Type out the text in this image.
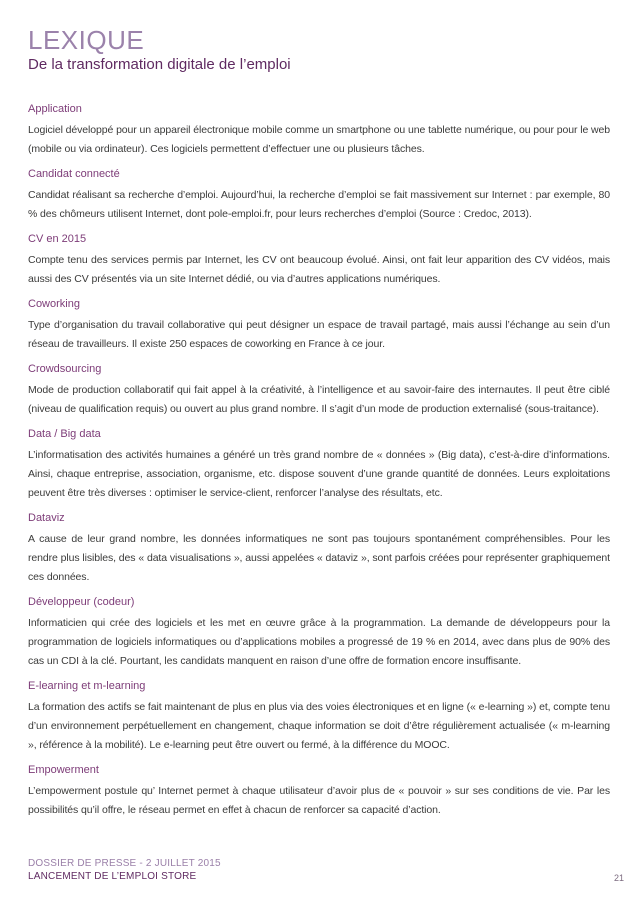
LEXIQUE
De la transformation digitale de l’emploi
Application

Logiciel développé pour un appareil électronique mobile comme un smartphone ou une tablette numérique, ou pour pour le web (mobile ou via ordinateur). Ces logiciels permettent d’effectuer une ou plusieurs tâches.

Candidat connecté

Candidat réalisant sa recherche d’emploi. Aujourd’hui, la recherche d’emploi se fait massivement sur Internet : par exemple, 80 % des chômeurs utilisent Internet, dont pole-emploi.fr, pour leurs recherches d’emploi (Source : Credoc, 2013).

CV en 2015

Compte tenu des services permis par Internet, les CV ont beaucoup évolué. Ainsi, ont fait leur apparition des CV vidéos, mais aussi des CV présentés via un site Internet dédié, ou via d’autres applications numériques.

Coworking

Type d’organisation du travail collaborative qui peut désigner un espace de travail partagé, mais aussi l’échange au sein d’un réseau de travailleurs. Il existe 250 espaces de coworking en France à ce jour.

Crowdsourcing

Mode de production collaboratif qui fait appel à la créativité, à l’intelligence et au savoir-faire des internautes. Il peut être ciblé (niveau de qualification requis) ou ouvert au plus grand nombre. Il s’agit d’un mode de production externalisé (sous-traitance).

Data / Big data

L’informatisation des activités humaines a généré un très grand nombre de « données » (Big data), c’est-à-dire d’informations. Ainsi, chaque entreprise, association, organisme, etc. dispose souvent d’une grande quantité de données. Leurs exploitations peuvent être très diverses : optimiser le service-client, renforcer l’analyse des résultats, etc.

Dataviz

A cause de leur grand nombre, les données informatiques ne sont pas toujours spontanément compréhensibles. Pour les rendre plus lisibles, des « data visualisations », aussi appelées « dataviz », sont parfois créées pour représenter graphiquement ces données.

Développeur (codeur)

Informaticien qui crée des logiciels et les met en œuvre grâce à la programmation. La demande de développeurs pour la programmation de logiciels informatiques ou d’applications mobiles a progressé de 19 % en 2014, avec dans plus de 90% des cas un CDI à la clé. Pourtant, les candidats manquent en raison d’une offre de formation encore insuffisante.

E-learning et m-learning

La formation des actifs se fait maintenant de plus en plus via des voies électroniques et en ligne (« e-learning ») et, compte tenu d’un environnement perpétuellement en changement, chaque information se doit d’être régulièrement actualisée (« m-learning », référence à la mobilité). Le e-learning peut être ouvert ou fermé, à la différence du MOOC.

Empowerment

L’empowerment postule qu’ Internet permet à chaque utilisateur d’avoir plus de « pouvoir » sur ses conditions de vie. Par les possibilités qu’il offre, le réseau permet en effet à chacun de renforcer sa capacité d’action.

DOSSIER DE PRESSE - 2 JUILLET 2015
LANCEMENT DE L’EMPLOI STORE	21
